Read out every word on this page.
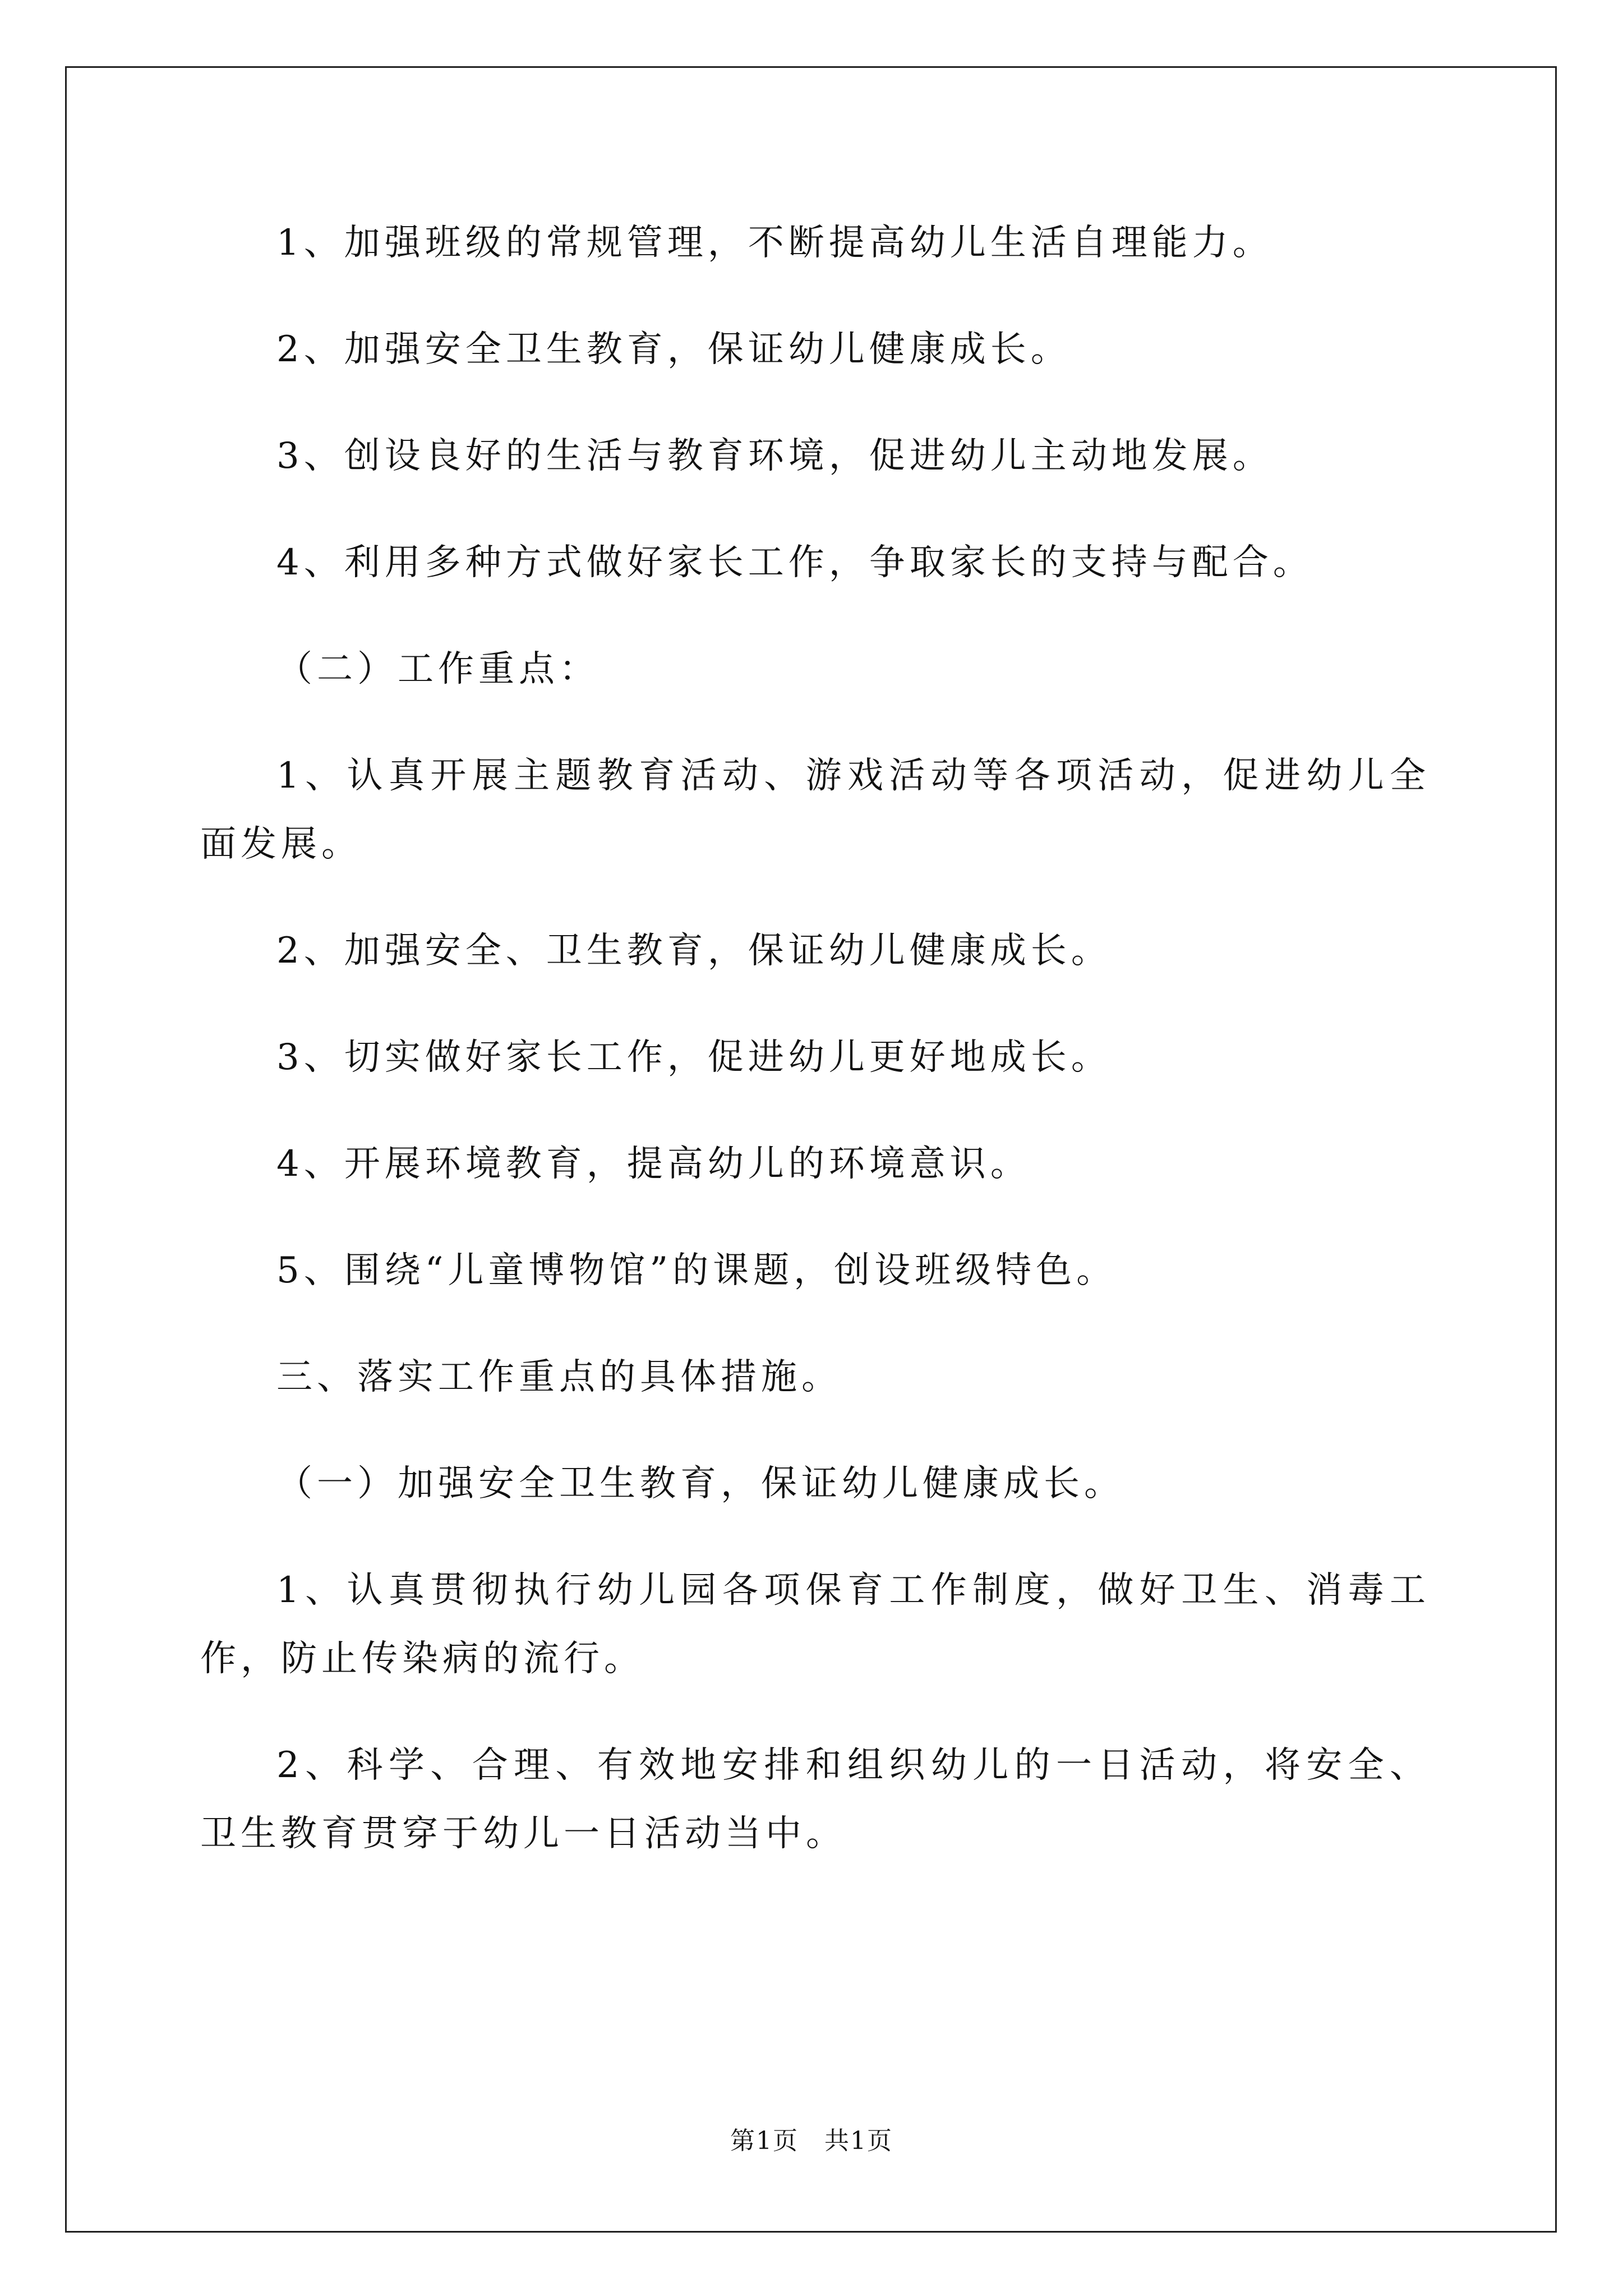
1、加强班级的常规管理，不断提高幼儿生活自理能力。

2、加强安全卫生教育，保证幼儿健康成长。

3、创设良好的生活与教育环境，促进幼儿主动地发展。

4、利用多种方式做好家长工作，争取家长的支持与配合。

（二）工作重点：

1、认真开展主题教育活动、游戏活动等各项活动，促进幼儿全面发展。

2、加强安全、卫生教育，保证幼儿健康成长。

3、切实做好家长工作，促进幼儿更好地成长。

4、开展环境教育，提高幼儿的环境意识。

5、围绕“儿童博物馆”的课题，创设班级特色。

三、落实工作重点的具体措施。

（一）加强安全卫生教育，保证幼儿健康成长。

1、认真贯彻执行幼儿园各项保育工作制度，做好卫生、消毒工作，防止传染病的流行。

2、科学、合理、有效地安排和组织幼儿的一日活动，将安全、卫生教育贯穿于幼儿一日活动当中。

第1页　共1页
